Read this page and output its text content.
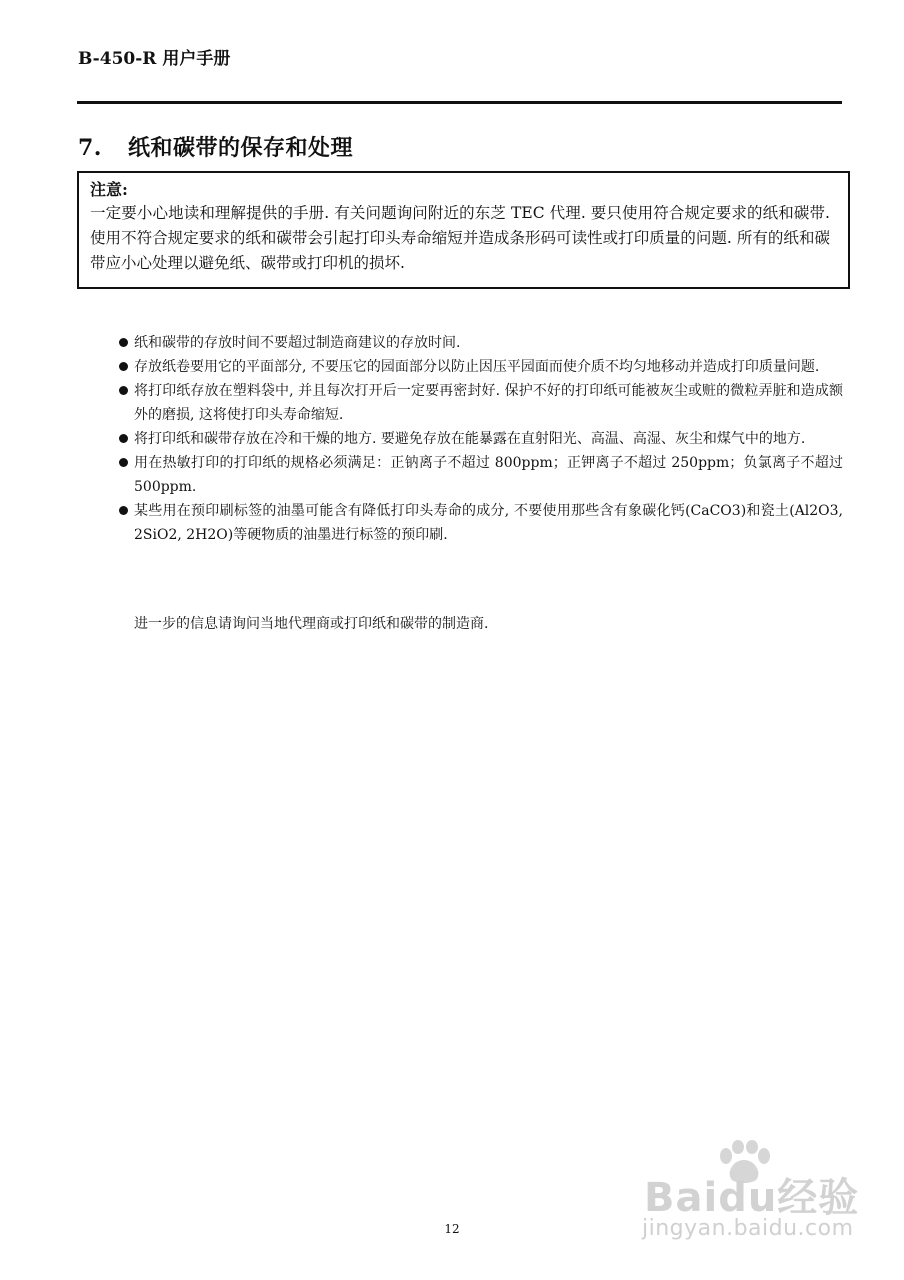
B-450-R 用户手册
7. 纸和碳带的保存和处理
注意:
一定要小心地读和理解提供的手册. 有关问题询问附近的东芝 TEC 代理. 要只使用符合规定要求的纸和碳带. 使用不符合规定要求的纸和碳带会引起打印头寿命缩短并造成条形码可读性或打印质量的问题. 所有的纸和碳带应小心处理以避免纸、碳带或打印机的损坏.
纸和碳带的存放时间不要超过制造商建议的存放时间.
存放纸卷要用它的平面部分, 不要压它的园面部分以防止因压平园面而使介质不均匀地移动并造成打印质量问题.
将打印纸存放在塑料袋中, 并且每次打开后一定要再密封好. 保护不好的打印纸可能被灰尘或赃的微粒弄脏和造成额外的磨损, 这将使打印头寿命缩短.
将打印纸和碳带存放在冷和干燥的地方. 要避免存放在能暴露在直射阳光、高温、高湿、灰尘和煤气中的地方.
用在热敏打印的打印纸的规格必须满足：正钠离子不超过 800ppm；正钾离子不超过 250ppm；负氯离子不超过 500ppm.
某些用在预印刷标签的油墨可能含有降低打印头寿命的成分, 不要使用那些含有象碳化钙(CaCO3)和瓷土(Al2O3, 2SiO2, 2H2O)等硬物质的油墨进行标签的预印刷.
进一步的信息请询问当地代理商或打印纸和碳带的制造商.
Baidu经验
jingyan.baidu.com
12
